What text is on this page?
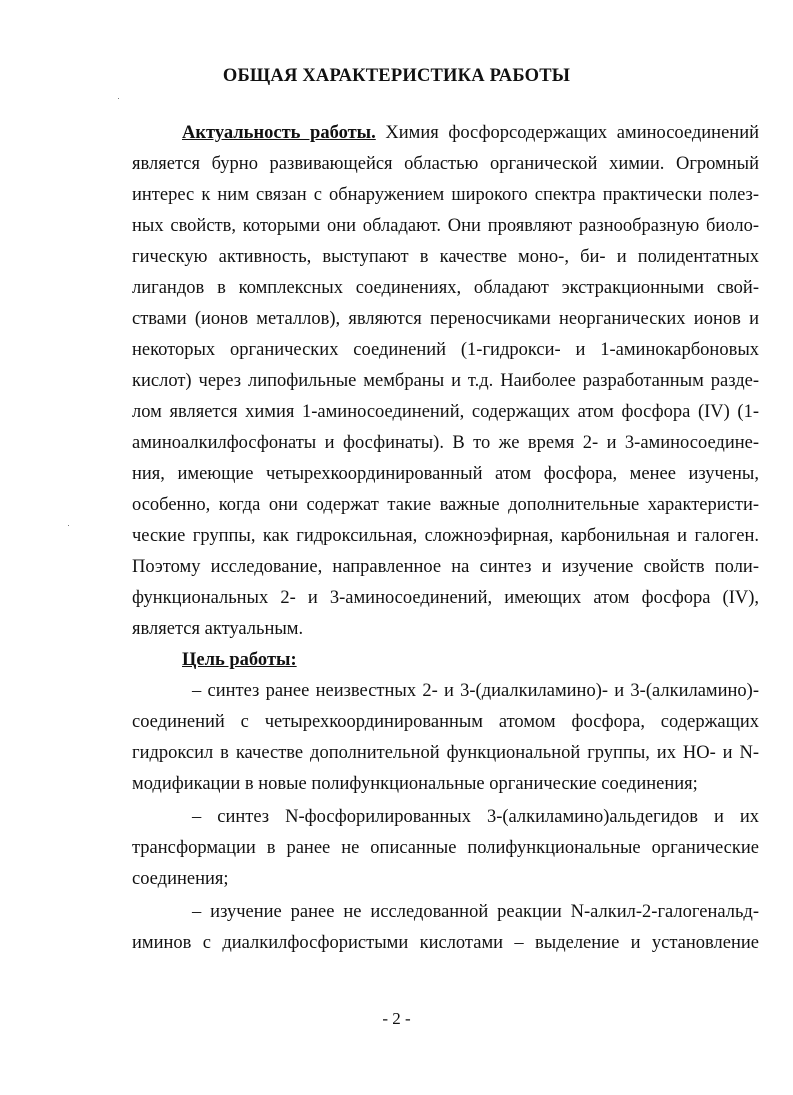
ОБЩАЯ ХАРАКТЕРИСТИКА РАБОТЫ
Актуальность работы. Химия фосфорсодержащих аминосоединений
является бурно развивающейся областью органической химии. Огромный
интерес к ним связан с обнаружением широкого спектра практически полез-
ных свойств, которыми они обладают. Они проявляют разнообразную биоло-
гическую активность, выступают в качестве моно-, би- и полидентатных
лигандов в комплексных соединениях, обладают экстракционными свой-
ствами (ионов металлов), являются переносчиками неорганических ионов и
некоторых органических соединений (1-гидрокси- и 1-аминокарбоновых
кислот) через липофильные мембраны и т.д. Наиболее разработанным разде-
лом является химия 1-аминосоединений, содержащих атом фосфора (IV) (1-
аминоалкилфосфонаты и фосфинаты). В то же время 2- и 3-аминосоедине-
ния, имеющие четырехкоординированный атом фосфора, менее изучены,
особенно, когда они содержат такие важные дополнительные характеристи-
ческие группы, как гидроксильная, сложноэфирная, карбонильная и галоген.
Поэтому исследование, направленное на синтез и изучение свойств поли-
функциональных 2- и 3-аминосоединений, имеющих атом фосфора (IV),
является актуальным.
Цель работы:
– синтез ранее неизвестных 2- и 3-(диалкиламино)- и 3-(алкиламино)-
соединений с четырехкоординированным атомом фосфора, содержащих
гидроксил в качестве дополнительной функциональной группы, их НО- и N-
модификации в новые полифункциональные органические соединения;
– синтез N-фосфорилированных 3-(алкиламино)альдегидов и их
трансформации в ранее не описанные полифункциональные органические
соединения;
– изучение ранее не исследованной реакции N-алкил-2-галогенальд-
иминов с диалкилфосфористыми кислотами – выделение и установление
- 2 -
